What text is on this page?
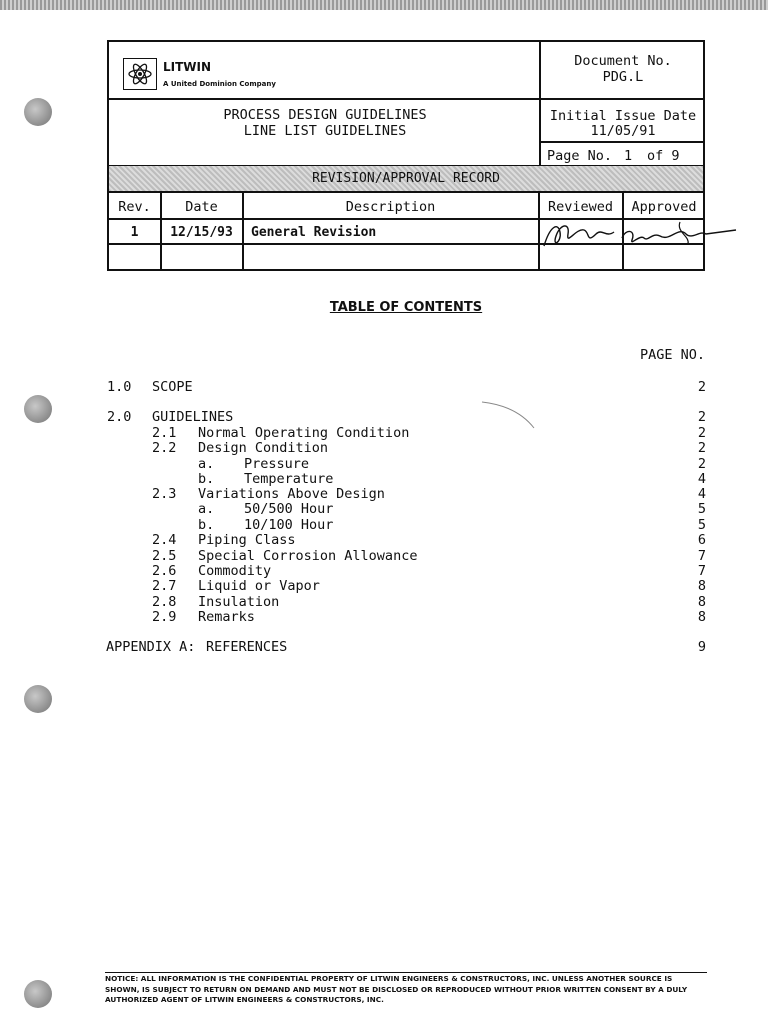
LITWIN
A United Dominion Company
PROCESS DESIGN GUIDELINES
LINE LIST GUIDELINES
Document No.
PDG.L
Initial Issue Date
11/05/91
Page No. 1 of 9
REVISION/APPROVAL RECORD
Rev.	Date	Description	Reviewed	Approved
1	12/15/93	General Revision
TABLE OF CONTENTS
PAGE NO.
1.0 SCOPE	2
2.0 GUIDELINES	2
2.1 Normal Operating Condition	2
2.2 Design Condition	2
a. Pressure	2
b. Temperature	4
2.3 Variations Above Design	4
a. 50/500 Hour	5
b. 10/100 Hour	5
2.4 Piping Class	6
2.5 Special Corrosion Allowance	7
2.6 Commodity	7
2.7 Liquid or Vapor	8
2.8 Insulation	8
2.9 Remarks	8
APPENDIX A: REFERENCES	9
NOTICE: ALL INFORMATION IS THE CONFIDENTIAL PROPERTY OF LITWIN ENGINEERS & CONSTRUCTORS, INC. UNLESS ANOTHER SOURCE IS SHOWN, IS SUBJECT TO RETURN ON DEMAND AND MUST NOT BE DISCLOSED OR REPRODUCED WITHOUT PRIOR WRITTEN CONSENT BY A DULY AUTHORIZED AGENT OF LITWIN ENGINEERS & CONSTRUCTORS, INC.
